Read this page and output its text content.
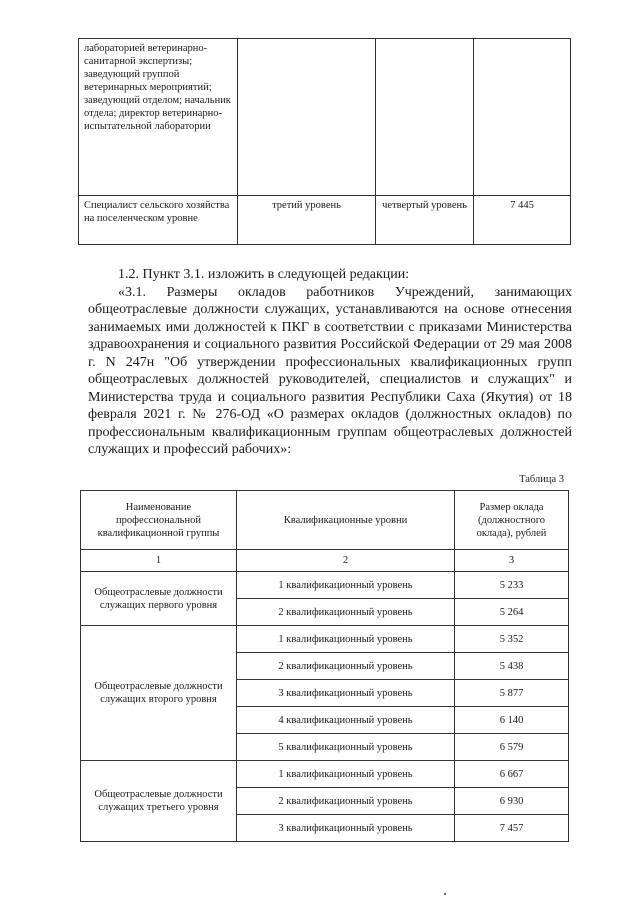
лабораторией ветеринарно-санитарной экспертизы; заведующий группой ветеринарных мероприятий; заведующий отделом; начальник отдела; директор ветеринарно-испытательной лаборатории			
Специалист сельского хозяйства на поселенческом уровне	третий уровень	четвертый уровень	7 445

1.2. Пункт 3.1. изложить в следующей редакции:

«3.1. Размеры окладов работников Учреждений, занимающих общеотраслевые должности служащих, устанавливаются на основе отнесения занимаемых ими должностей к ПКГ в соответствии с приказами Министерства здравоохранения и социального развития Российской Федерации от 29 мая 2008 г. N 247н "Об утверждении профессиональных квалификационных групп общеотраслевых должностей руководителей, специалистов и служащих" и Министерства труда и социального развития Республики Саха (Якутия) от 18 февраля 2021 г. № 276-ОД «О размерах окладов (должностных окладов) по профессиональным квалификационным группам общеотраслевых должностей служащих и профессий рабочих»:

Таблица 3
Наименование профессиональной квалификационной группы	Квалификационные уровни	Размер оклада (должностного оклада), рублей
1	2	3
Общеотраслевые должности служащих первого уровня	1 квалификационный уровень	5 233
	2 квалификационный уровень	5 264
Общеотраслевые должности служащих второго уровня	1 квалификационный уровень	5 352
	2 квалификационный уровень	5 438
	3 квалификационный уровень	5 877
	4 квалификационный уровень	6 140
	5 квалификационный уровень	6 579
Общеотраслевые должности служащих третьего уровня	1 квалификационный уровень	6 667
	2 квалификационный уровень	6 930
	3 квалификационный уровень	7 457
